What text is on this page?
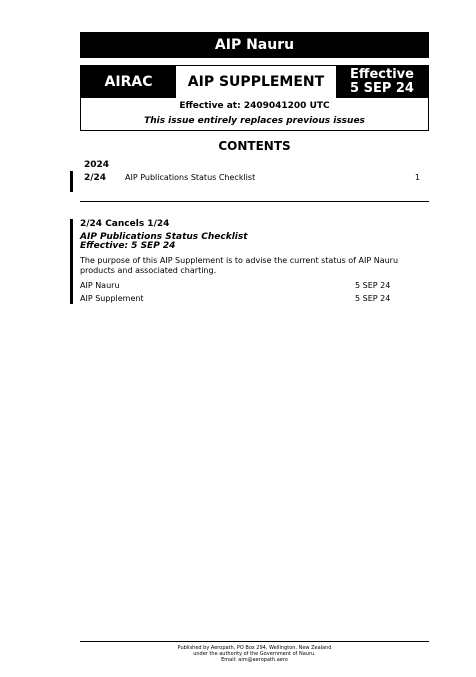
AIP Nauru
AIRAC	AIP SUPPLEMENT	Effective
5 SEP 24
Effective at: 2409041200 UTC
This issue entirely replaces previous issues
CONTENTS
2024
2/24 AIP Publications Status Checklist	1
2/24 Cancels 1/24
AIP Publications Status Checklist
Effective: 5 SEP 24
The purpose of this AIP Supplement is to advise the current status of AIP Nauru products and associated charting.
AIP Nauru	5 SEP 24
AIP Supplement	5 SEP 24
Published by Aeropath, PO Box 294, Wellington, New Zealand
under the authority of the Government of Nauru.
Email: aim@aeropath.aero
